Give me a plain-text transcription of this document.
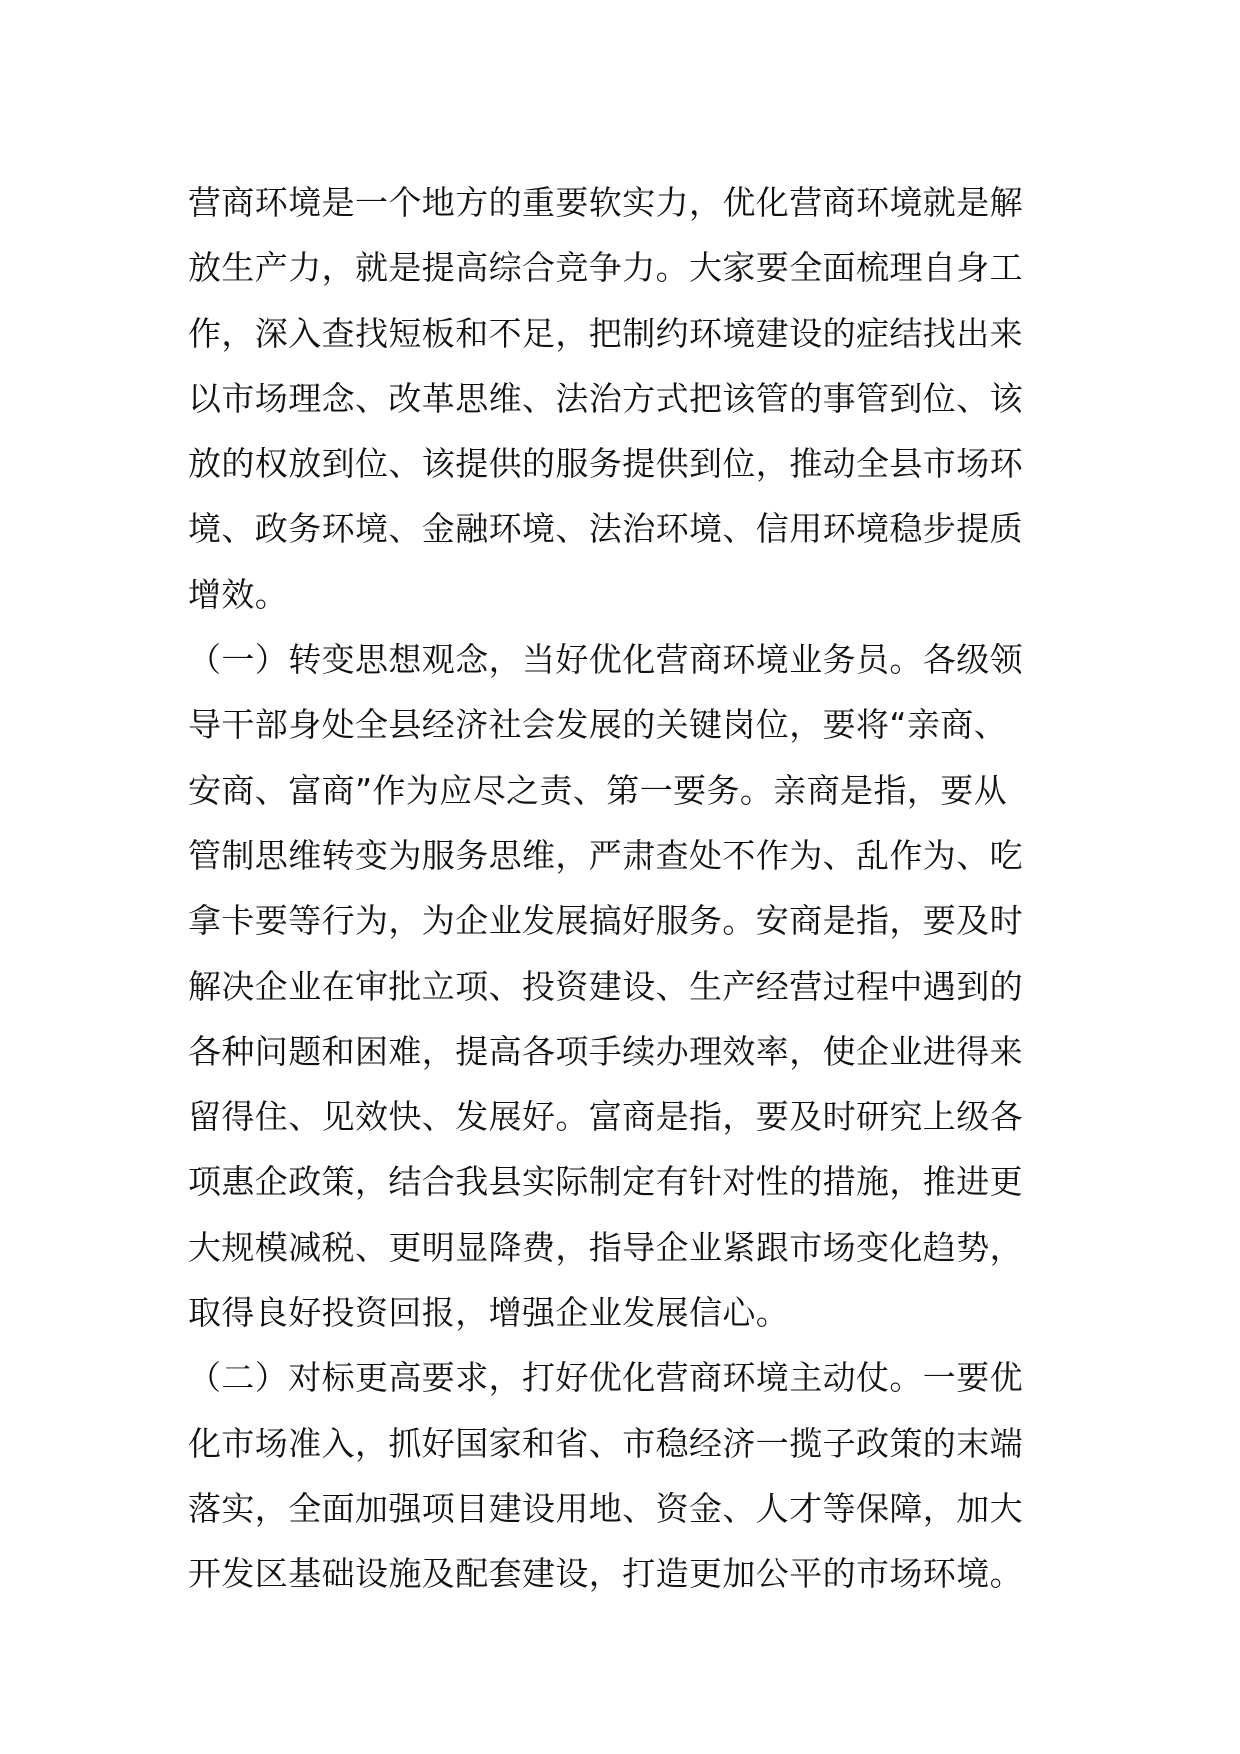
营商环境是一个地方的重要软实力，优化营商环境就是解
放生产力，就是提高综合竞争力。大家要全面梳理自身工
作，深入查找短板和不足，把制约环境建设的症结找出来
以市场理念、改革思维、法治方式把该管的事管到位、该
放的权放到位、该提供的服务提供到位，推动全县市场环
境、政务环境、金融环境、法治环境、信用环境稳步提质
增效。
（一）转变思想观念，当好优化营商环境业务员。各级领
导干部身处全县经济社会发展的关键岗位，要将“亲商、
安商、富商”作为应尽之责、第一要务。亲商是指，要从
管制思维转变为服务思维，严肃查处不作为、乱作为、吃
拿卡要等行为，为企业发展搞好服务。安商是指，要及时
解决企业在审批立项、投资建设、生产经营过程中遇到的
各种问题和困难，提高各项手续办理效率，使企业进得来
留得住、见效快、发展好。富商是指，要及时研究上级各
项惠企政策，结合我县实际制定有针对性的措施，推进更
大规模减税、更明显降费，指导企业紧跟市场变化趋势，
取得良好投资回报，增强企业发展信心。
（二）对标更高要求，打好优化营商环境主动仗。一要优
化市场准入，抓好国家和省、市稳经济一揽子政策的末端
落实，全面加强项目建设用地、资金、人才等保障，加大
开发区基础设施及配套建设，打造更加公平的市场环境。
